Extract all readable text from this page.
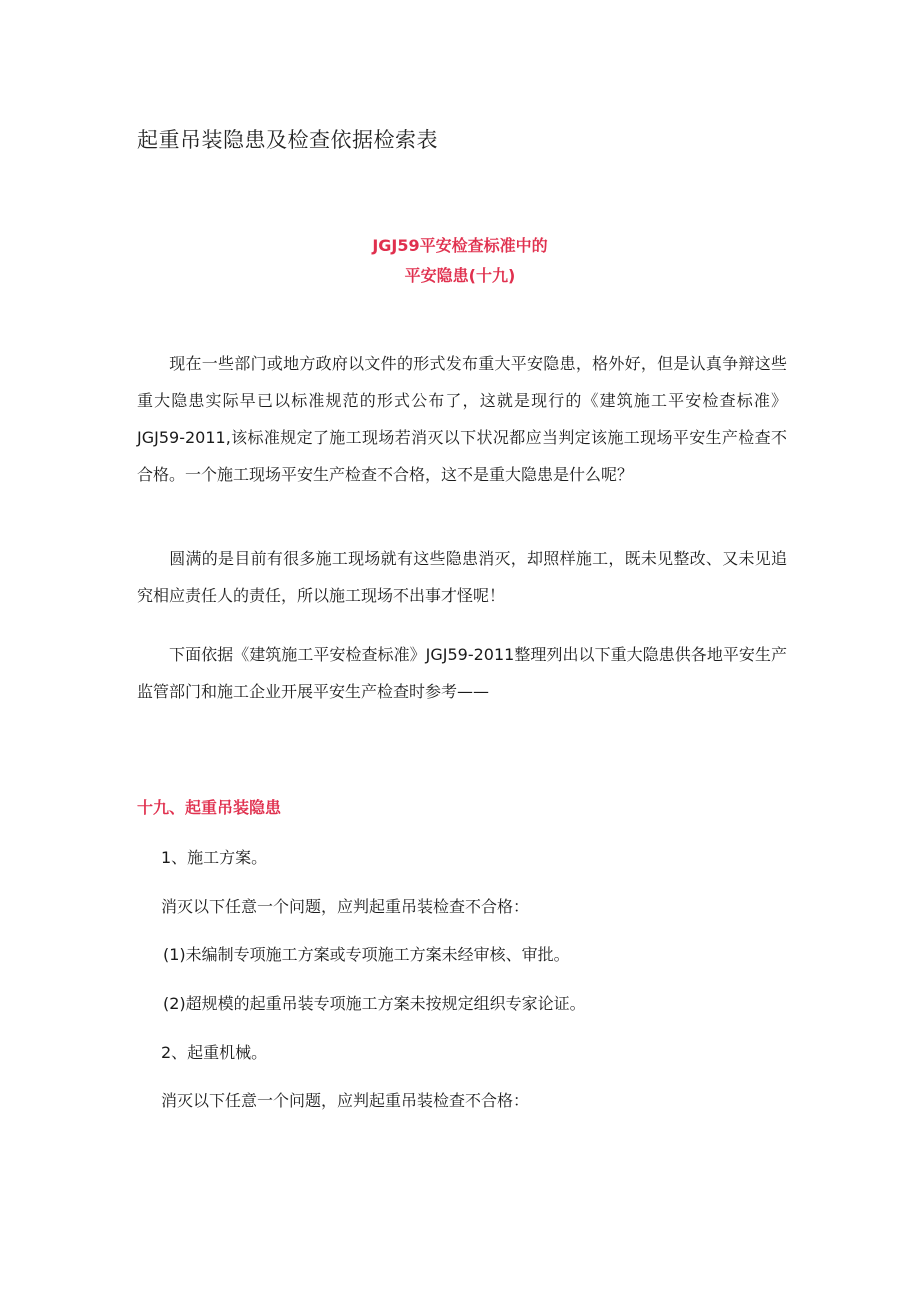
起重吊装隐患及检查依据检索表
JGJ59平安检查标准中的
平安隐患(十九)
现在一些部门或地方政府以文件的形式发布重大平安隐患，格外好，但是认真争辩这些重大隐患实际早已以标准规范的形式公布了，这就是现行的《建筑施工平安检查标准》JGJ59-2011,该标准规定了施工现场若消灭以下状况都应当判定该施工现场平安生产检查不合格。一个施工现场平安生产检查不合格，这不是重大隐患是什么呢？
圆满的是目前有很多施工现场就有这些隐患消灭，却照样施工，既未见整改、又未见追究相应责任人的责任，所以施工现场不出事才怪呢！
下面依据《建筑施工平安检查标准》JGJ59-2011整理列出以下重大隐患供各地平安生产监管部门和施工企业开展平安生产检查时参考——
十九、起重吊装隐患
1、施工方案。
消灭以下任意一个问题，应判起重吊装检查不合格：
(1)未编制专项施工方案或专项施工方案未经审核、审批。
(2)超规模的起重吊装专项施工方案未按规定组织专家论证。
2、起重机械。
消灭以下任意一个问题，应判起重吊装检查不合格：
